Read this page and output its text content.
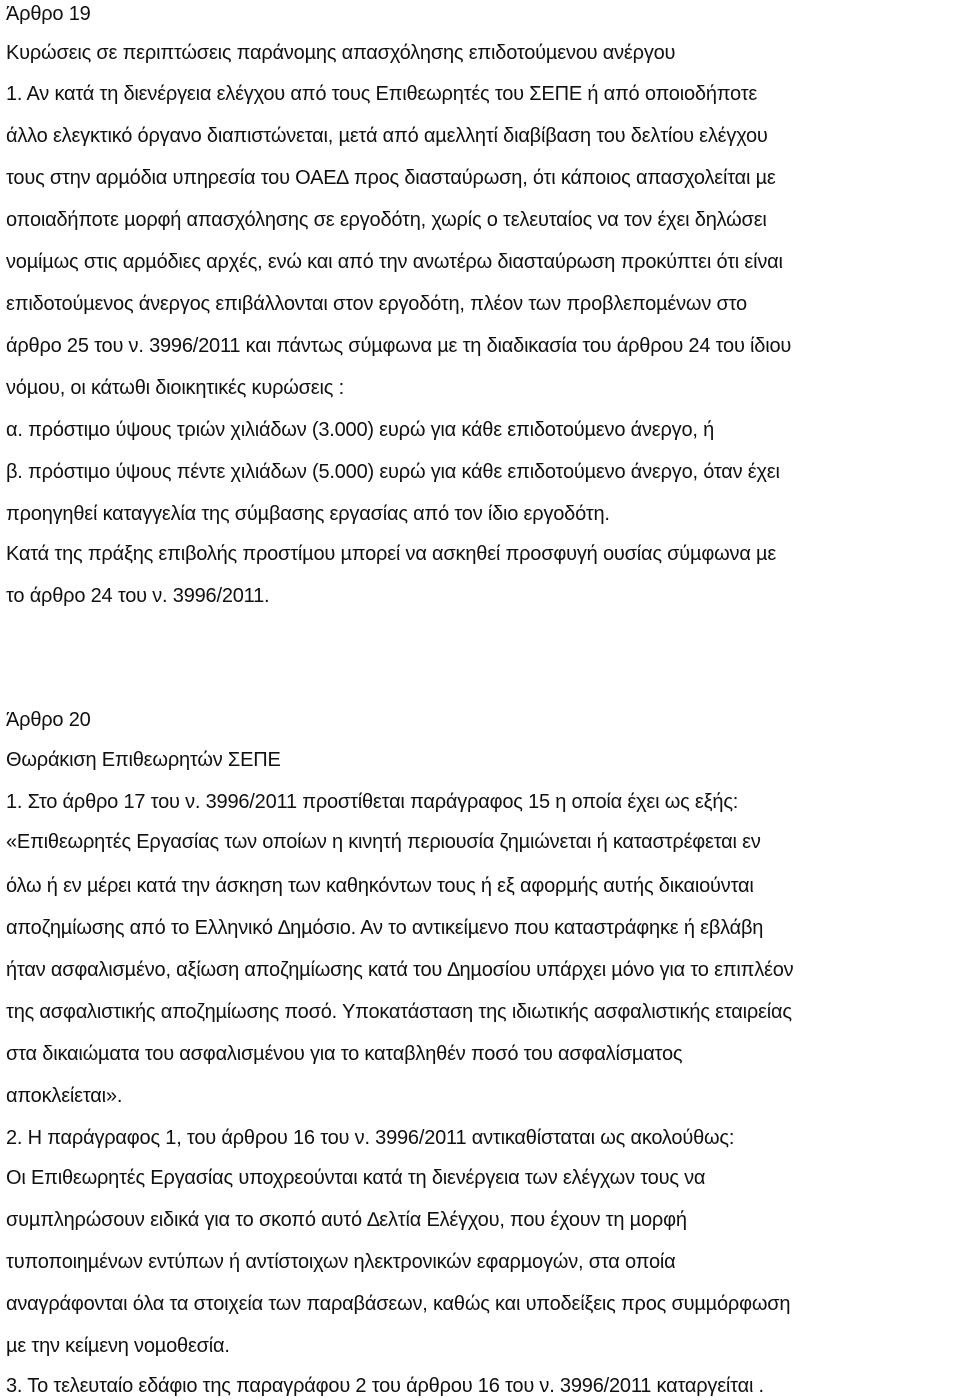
Άρθρο 19
Κυρώσεις σε περιπτώσεις παράνοµης απασχόλησης επιδοτούµενου ανέργου
1. Αν κατά τη διενέργεια ελέγχου από τους Επιθεωρητές του ΣΕΠΕ ή από οποιοδήποτε
άλλο ελεγκτικό όργανο διαπιστώνεται, µετά από αµελλητί διαβίβαση του δελτίου ελέγχου
τους στην αρµόδια υπηρεσία του ΟΑΕ∆ προς διασταύρωση, ότι κάποιος απασχολείται µε
οποιαδήποτε µορφή απασχόλησης σε εργοδότη, χωρίς ο τελευταίος να τον έχει δηλώσει
νοµίµως στις αρµόδιες αρχές, ενώ και από την ανωτέρω διασταύρωση προκύπτει ότι είναι
επιδοτούµενος άνεργος επιβάλλονται στον εργοδότη, πλέον των προβλεποµένων στο
άρθρο 25 του ν. 3996/2011 και πάντως σύµφωνα µε τη διαδικασία του άρθρου 24 του ίδιου
νόµου, οι κάτωθι διοικητικές κυρώσεις :
α. πρόστιµο ύψους τριών χιλιάδων (3.000) ευρώ για κάθε επιδοτούµενο άνεργο, ή
β. πρόστιµο ύψους πέντε χιλιάδων (5.000) ευρώ για κάθε επιδοτούµενο άνεργο, όταν έχει
προηγηθεί καταγγελία της σύµβασης εργασίας από τον ίδιο εργοδότη.
Κατά της πράξης επιβολής προστίµου µπορεί να ασκηθεί προσφυγή ουσίας σύµφωνα µε
το άρθρο 24 του ν. 3996/2011.
Άρθρο 20
Θωράκιση Επιθεωρητών ΣΕΠΕ
1. Στο άρθρο 17 του ν. 3996/2011 προστίθεται παράγραφος 15 η οποία έχει ως εξής:
«Επιθεωρητές Εργασίας των οποίων η κινητή περιουσία ζηµιώνεται ή καταστρέφεται εν
όλω ή εν µέρει κατά την άσκηση των καθηκόντων τους ή εξ αφορµής αυτής δικαιούνται
αποζηµίωσης από το Ελληνικό ∆ηµόσιο. Αν το αντικείµενο που καταστράφηκε ή εβλάβη
ήταν ασφαλισµένο, αξίωση αποζηµίωσης κατά του ∆ηµοσίου υπάρχει µόνο για το επιπλέον
της ασφαλιστικής αποζηµίωσης ποσό. Υποκατάσταση της ιδιωτικής ασφαλιστικής εταιρείας
στα δικαιώµατα του ασφαλισµένου για το καταβληθέν ποσό του ασφαλίσµατος
αποκλείεται».
2. Η παράγραφος 1, του άρθρου 16 του ν. 3996/2011 αντικαθίσταται ως ακολούθως:
Οι Επιθεωρητές Εργασίας υποχρεούνται κατά τη διενέργεια των ελέγχων τους να
συµπληρώσουν ειδικά για το σκοπό αυτό ∆ελτία Ελέγχου, που έχουν τη µορφή
τυποποιηµένων εντύπων ή αντίστοιχων ηλεκτρονικών εφαρµογών, στα οποία
αναγράφονται όλα τα στοιχεία των παραβάσεων, καθώς και υποδείξεις προς συµµόρφωση
µε την κείµενη νοµοθεσία.
3. Το τελευταίο εδάφιο της παραγράφου 2 του άρθρου 16 του ν. 3996/2011 καταργείται .
